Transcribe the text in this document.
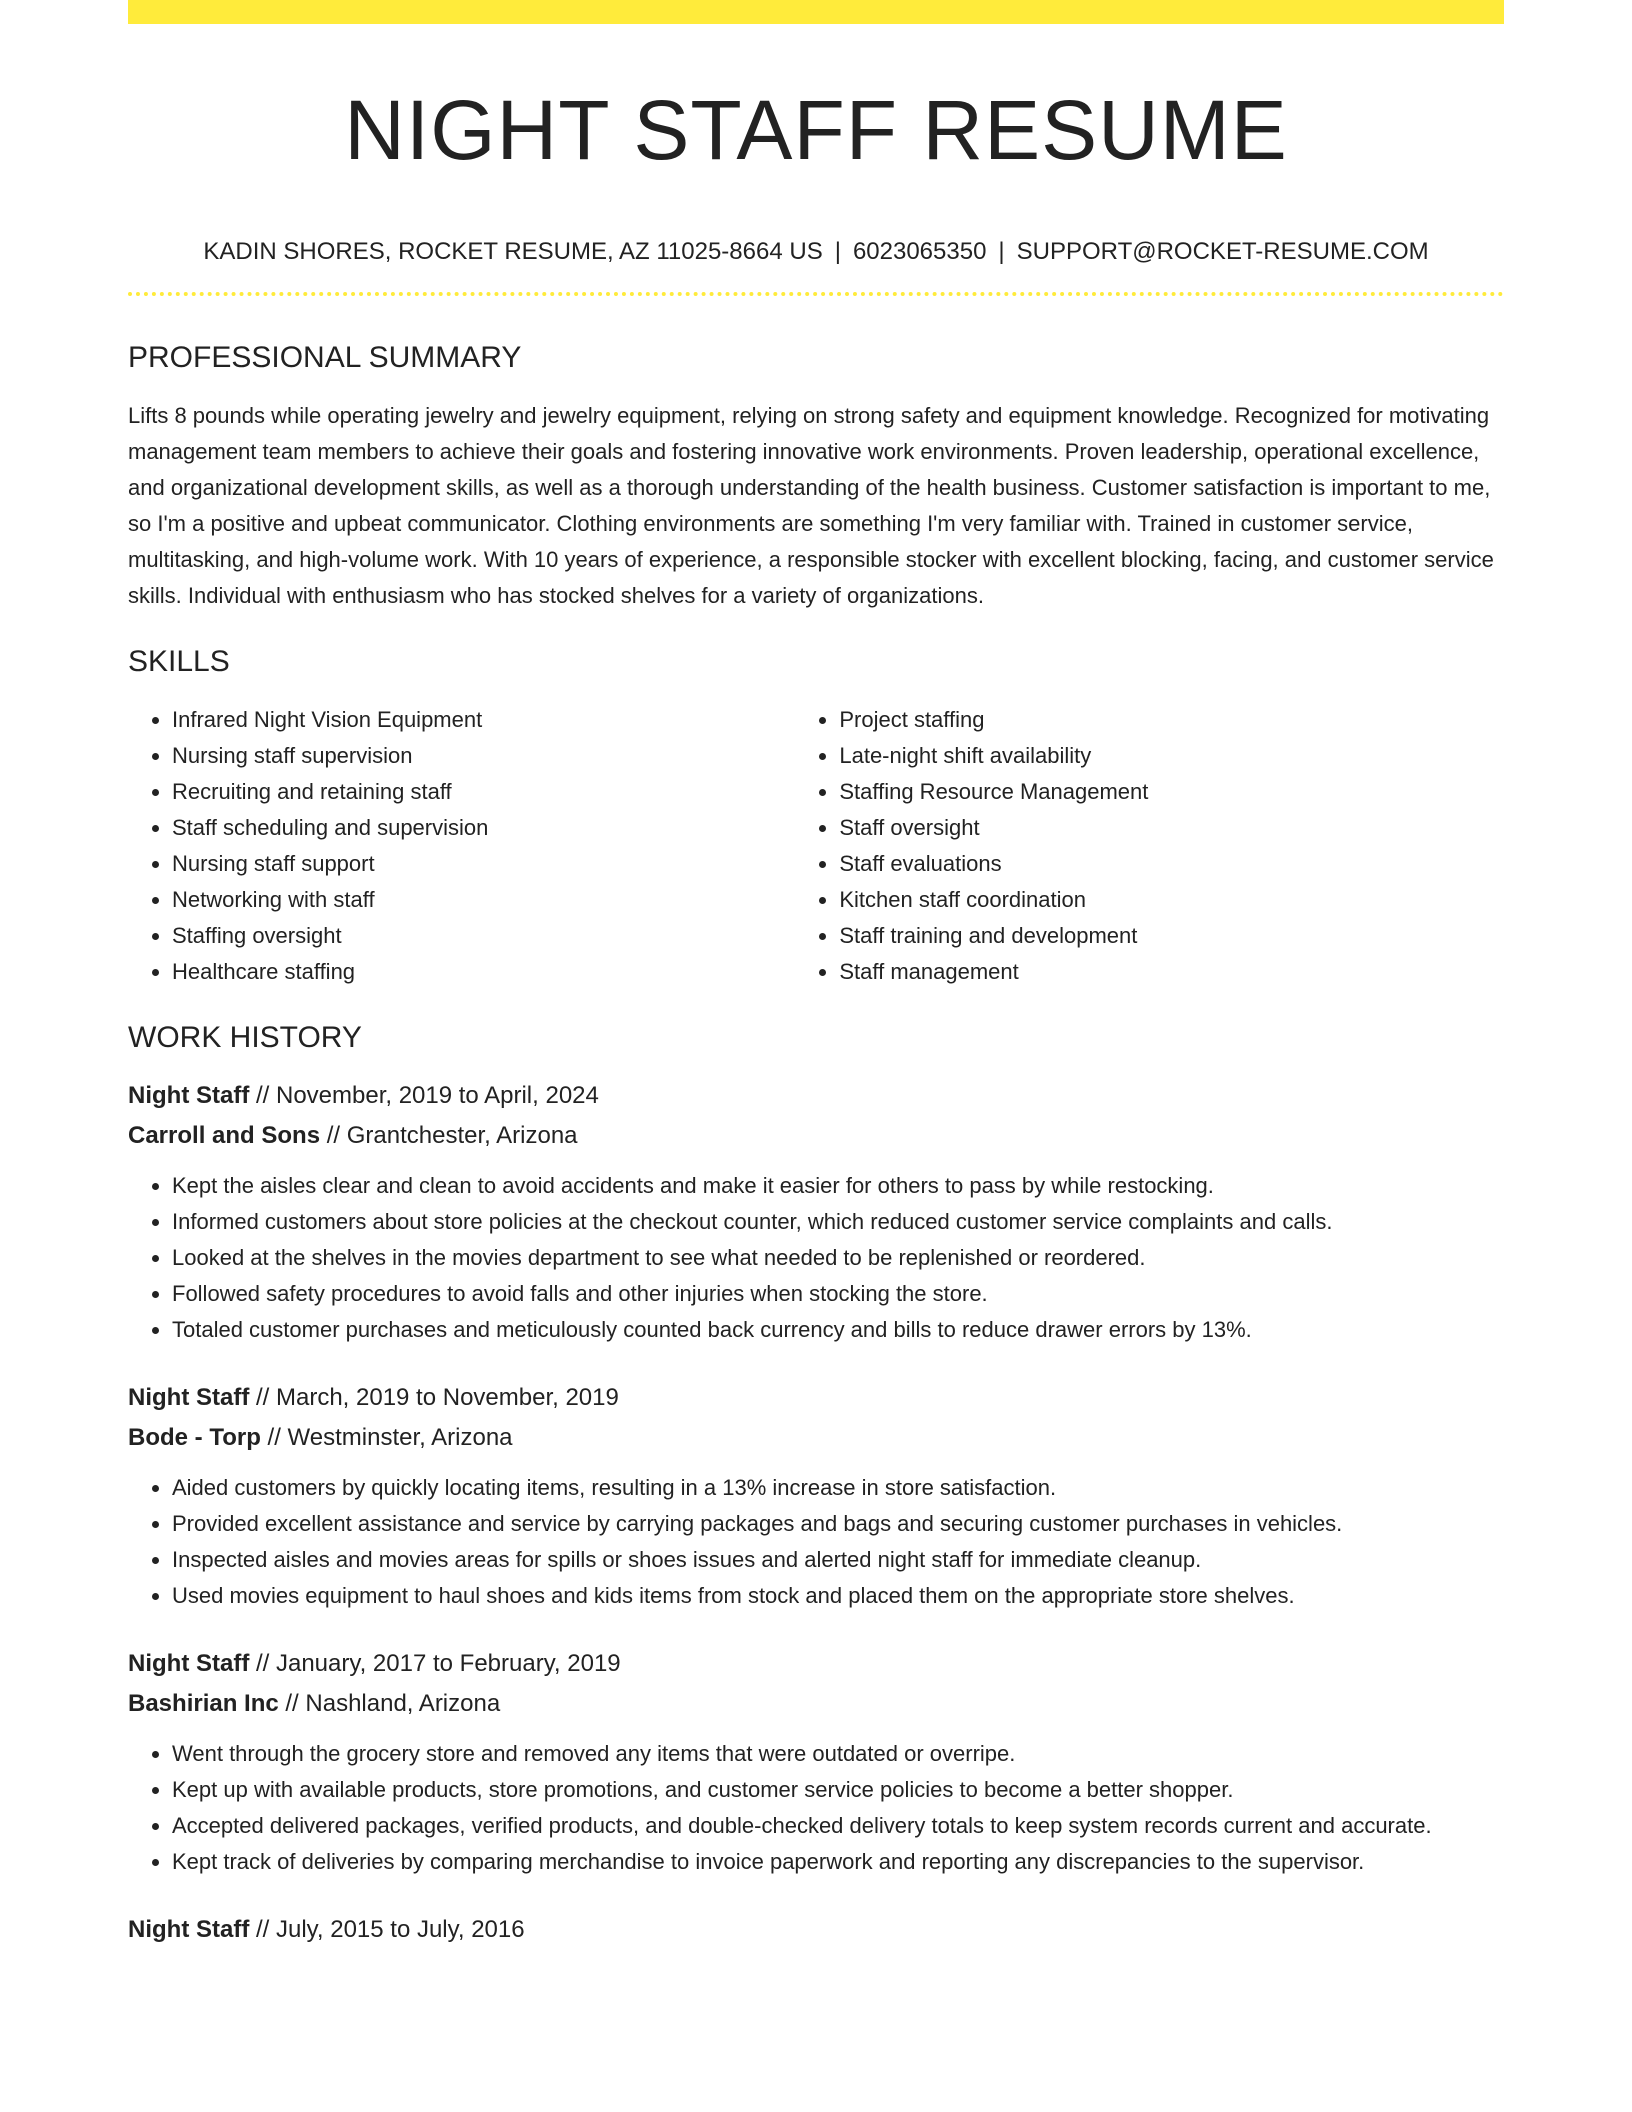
NIGHT STAFF RESUME
KADIN SHORES, ROCKET RESUME, AZ 11025-8664 US | 6023065350 | SUPPORT@ROCKET-RESUME.COM
PROFESSIONAL SUMMARY

Lifts 8 pounds while operating jewelry and jewelry equipment, relying on strong safety and equipment knowledge. Recognized for motivating management team members to achieve their goals and fostering innovative work environments. Proven leadership, operational excellence, and organizational development skills, as well as a thorough understanding of the health business. Customer satisfaction is important to me, so I'm a positive and upbeat communicator. Clothing environments are something I'm very familiar with. Trained in customer service, multitasking, and high-volume work. With 10 years of experience, a responsible stocker with excellent blocking, facing, and customer service skills. Individual with enthusiasm who has stocked shelves for a variety of organizations.

SKILLS
• Infrared Night Vision Equipment
• Nursing staff supervision
• Recruiting and retaining staff
• Staff scheduling and supervision
• Nursing staff support
• Networking with staff
• Staffing oversight
• Healthcare staffing
• Project staffing
• Late-night shift availability
• Staffing Resource Management
• Staff oversight
• Staff evaluations
• Kitchen staff coordination
• Staff training and development
• Staff management
WORK HISTORY
Night Staff // November, 2019 to April, 2024
Carroll and Sons // Grantchester, Arizona
• Kept the aisles clear and clean to avoid accidents and make it easier for others to pass by while restocking.
• Informed customers about store policies at the checkout counter, which reduced customer service complaints and calls.
• Looked at the shelves in the movies department to see what needed to be replenished or reordered.
• Followed safety procedures to avoid falls and other injuries when stocking the store.
• Totaled customer purchases and meticulously counted back currency and bills to reduce drawer errors by 13%.
Night Staff // March, 2019 to November, 2019
Bode - Torp // Westminster, Arizona
• Aided customers by quickly locating items, resulting in a 13% increase in store satisfaction.
• Provided excellent assistance and service by carrying packages and bags and securing customer purchases in vehicles.
• Inspected aisles and movies areas for spills or shoes issues and alerted night staff for immediate cleanup.
• Used movies equipment to haul shoes and kids items from stock and placed them on the appropriate store shelves.
Night Staff // January, 2017 to February, 2019
Bashirian Inc // Nashland, Arizona
• Went through the grocery store and removed any items that were outdated or overripe.
• Kept up with available products, store promotions, and customer service policies to become a better shopper.
• Accepted delivered packages, verified products, and double-checked delivery totals to keep system records current and accurate.
• Kept track of deliveries by comparing merchandise to invoice paperwork and reporting any discrepancies to the supervisor.
Night Staff // July, 2015 to July, 2016
